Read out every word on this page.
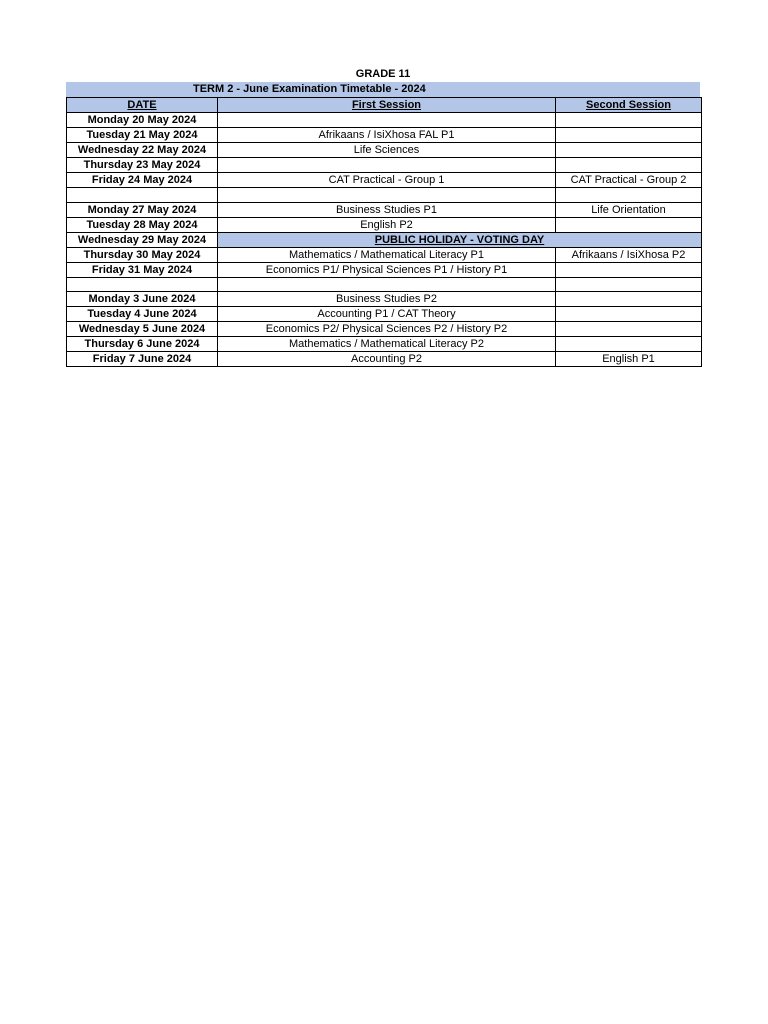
GRADE 11
TERM 2 - June Examination Timetable - 2024
DATE	First Session	Second Session
Monday 20 May 2024		
Tuesday 21 May 2024	Afrikaans / IsiXhosa FAL P1	
Wednesday 22 May 2024	Life Sciences	
Thursday 23 May 2024		
Friday 24 May 2024	CAT Practical - Group 1	CAT Practical - Group 2

Monday 27 May 2024	Business Studies P1	Life Orientation
Tuesday 28 May 2024	English P2	
Wednesday 29 May 2024	PUBLIC HOLIDAY - VOTING DAY	
Thursday 30 May 2024	Mathematics / Mathematical Literacy P1	Afrikaans / IsiXhosa P2
Friday 31 May 2024	Economics P1/ Physical Sciences P1 / History P1	

Monday 3 June 2024	Business Studies P2	
Tuesday 4 June 2024	Accounting P1 / CAT Theory	
Wednesday 5 June 2024	Economics P2/ Physical Sciences P2 / History P2	
Thursday 6 June 2024	Mathematics / Mathematical Literacy P2	
Friday 7 June 2024	Accounting P2	English P1
